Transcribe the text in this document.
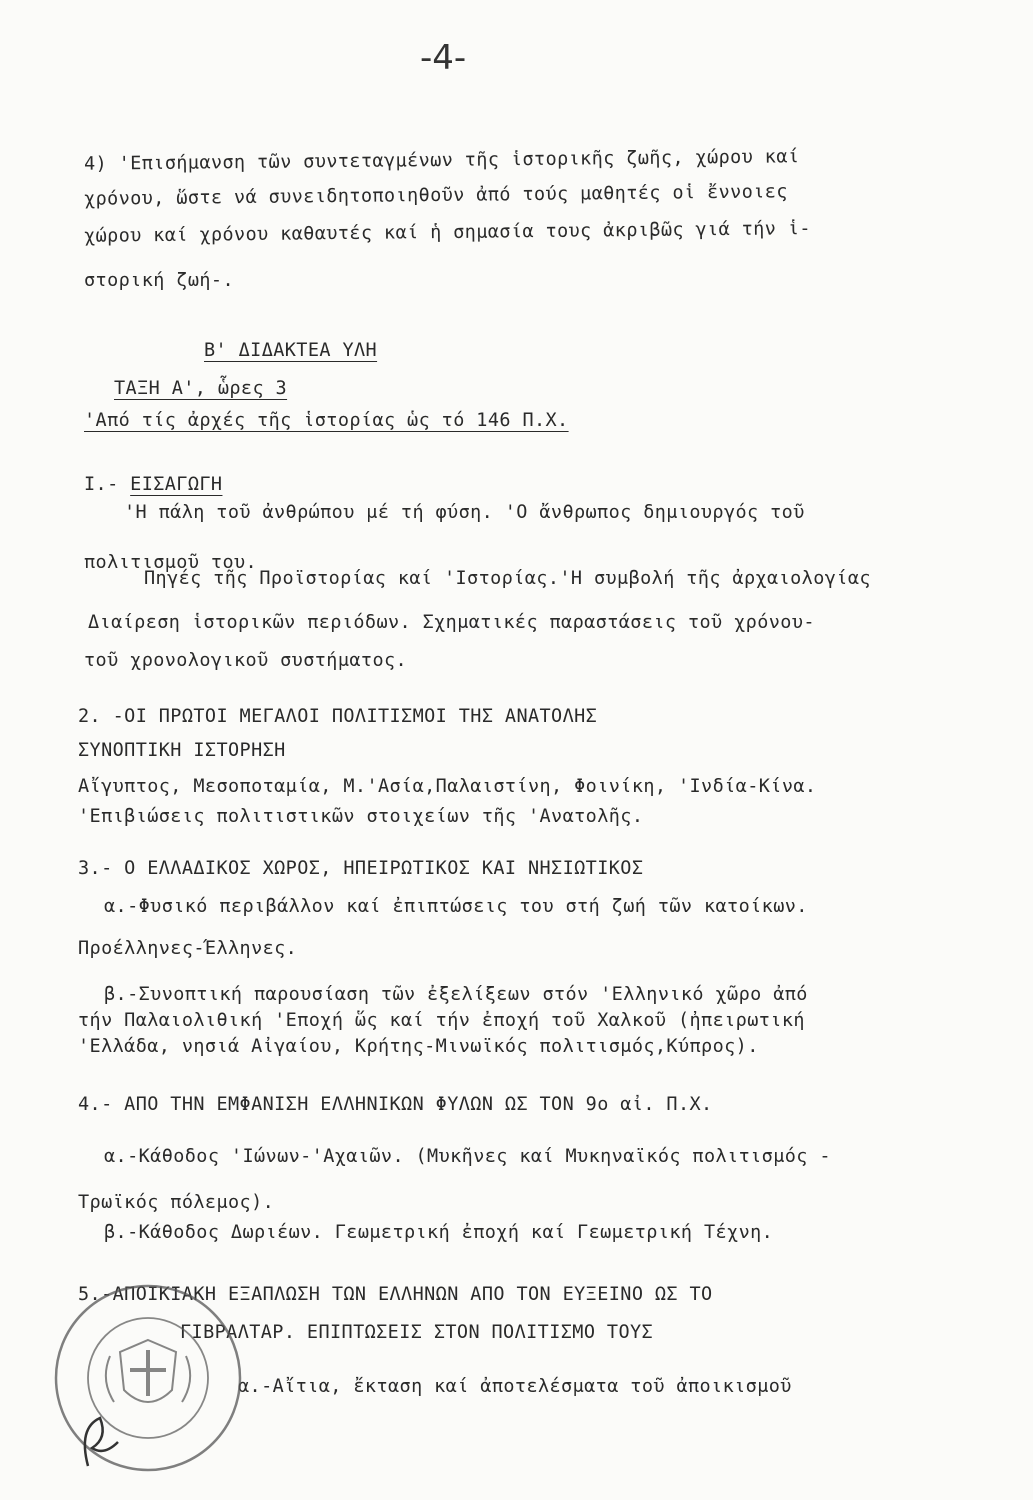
-4-
4) 'Επισήμανση τῶν συντεταγμένων τῆς ἱστορικῆς ζωῆς, χώρου καί
χρόνου, ὥστε νά συνειδητοποιηθοῦν ἀπό τούς μαθητές οἱ ἔννοιες
χώρου καί χρόνου καθαυτές καί ἡ σημασία τους ἀκριβῶς γιά τήν ἱ-
στορική ζωή-.
Β' ΔΙΔΑΚΤΕΑ ΥΛΗ
ΤΑΞΗ Α', ὧρες 3
'Από τίς ἀρχές τῆς ἱστορίας ὡς τό 146 Π.Χ.
I.- ΕΙΣΑΓΩΓΗ
'Η πάλη τοῦ ἀνθρώπου μέ τή φύση. 'Ο ἄνθρωπος δημιουργός τοῦ
πολιτισμοῦ του.
Πηγές τῆς Προϊστορίας καί 'Ιστορίας.'Η συμβολή τῆς ἀρχαιολογίας
Διαίρεση ἱστορικῶν περιόδων. Σχηματικές παραστάσεις τοῦ χρόνου-
τοῦ χρονολογικοῦ συστήματος.
2. -ΟΙ ΠΡΩΤΟΙ ΜΕΓΑΛΟΙ ΠΟΛΙΤΙΣΜΟΙ ΤΗΣ ΑΝΑΤΟΛΗΣ
ΣΥΝΟΠΤΙΚΗ ΙΣΤΟΡΗΣΗ
Αἴγυπτος, Μεσοποταμία, Μ.'Ασία,Παλαιστίνη, Φοινίκη, 'Ινδία-Κίνα.
'Επιβιώσεις πολιτιστικῶν στοιχείων τῆς 'Ανατολῆς.
3.- Ο ΕΛΛΑΔΙΚΟΣ ΧΩΡΟΣ, ΗΠΕΙΡΩΤΙΚΟΣ ΚΑΙ ΝΗΣΙΩΤΙΚΟΣ
α.-Φυσικό περιβάλλον καί ἐπιπτώσεις του στή ζωή τῶν κατοίκων.
Προέλληνες-Έλληνες.
β.-Συνοπτική παρουσίαση τῶν ἐξελίξεων στόν 'Ελληνικό χῶρο ἀπό
τήν Παλαιολιθική 'Εποχή ὥς καί τήν ἐποχή τοῦ Χαλκοῦ (ἠπειρωτική
'Ελλάδα, νησιά Αἰγαίου, Κρήτης-Μινωϊκός πολιτισμός,Κύπρος).
4.- ΑΠΟ ΤΗΝ ΕΜΦΑΝΙΣΗ ΕΛΛΗΝΙΚΩΝ ΦΥΛΩΝ ΩΣ ΤΟΝ 9ο αἰ. Π.Χ.
α.-Κάθοδος 'Ιώνων-'Αχαιῶν. (Μυκῆνες καί Μυκηναϊκός πολιτισμός -
Τρωϊκός πόλεμος).
β.-Κάθοδος Δωριέων. Γεωμετρική ἐποχή καί Γεωμετρική Τέχνη.
5.-ΑΠΟΙΚΙΑΚΗ ΕΞΑΠΛΩΣΗ ΤΩΝ ΕΛΛΗΝΩΝ ΑΠΟ ΤΟΝ ΕΥΞΕΙΝΟ ΩΣ ΤΟ
ΓΙΒΡΑΛΤΑΡ. ΕΠΙΠΤΩΣΕΙΣ ΣΤΟΝ ΠΟΛΙΤΙΣΜΟ ΤΟΥΣ
α.-Αἴτια, ἔκταση καί ἀποτελέσματα τοῦ ἀποικισμοῦ
